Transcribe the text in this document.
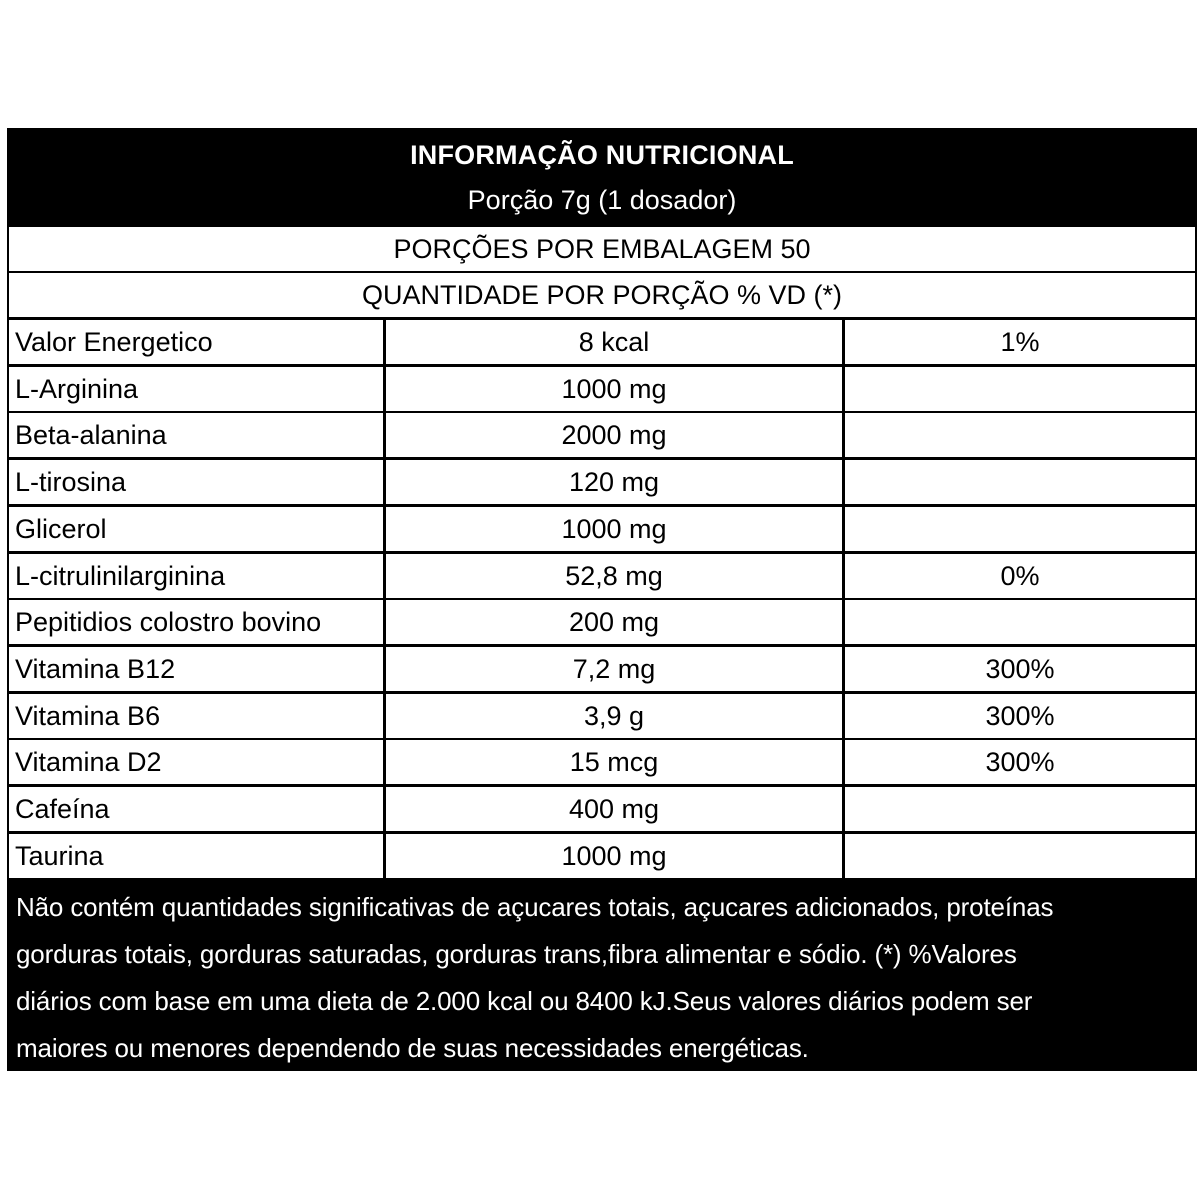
INFORMAÇÃO NUTRICIONAL
Porção 7g (1 dosador)
PORÇÕES POR EMBALAGEM 50
QUANTIDADE POR PORÇÃO % VD (*)
Valor Energetico	8 kcal	1%
L-Arginina	1000 mg
Beta-alanina	2000 mg
L-tirosina	120 mg
Glicerol	1000 mg
L-citrulinilarginina	52,8 mg	0%
Pepitidios colostro bovino	200 mg
Vitamina B12	7,2 mg	300%
Vitamina B6	3,9 g	300%
Vitamina D2	15 mcg	300%
Cafeína	400 mg
Taurina	1000 mg
Não contém quantidades significativas de açucares totais, açucares adicionados, proteínas
gorduras totais, gorduras saturadas, gorduras trans,fibra alimentar e sódio. (*) %Valores
diários com base em uma dieta de 2.000 kcal ou 8400 kJ.Seus valores diários podem ser
maiores ou menores dependendo de suas necessidades energéticas.
